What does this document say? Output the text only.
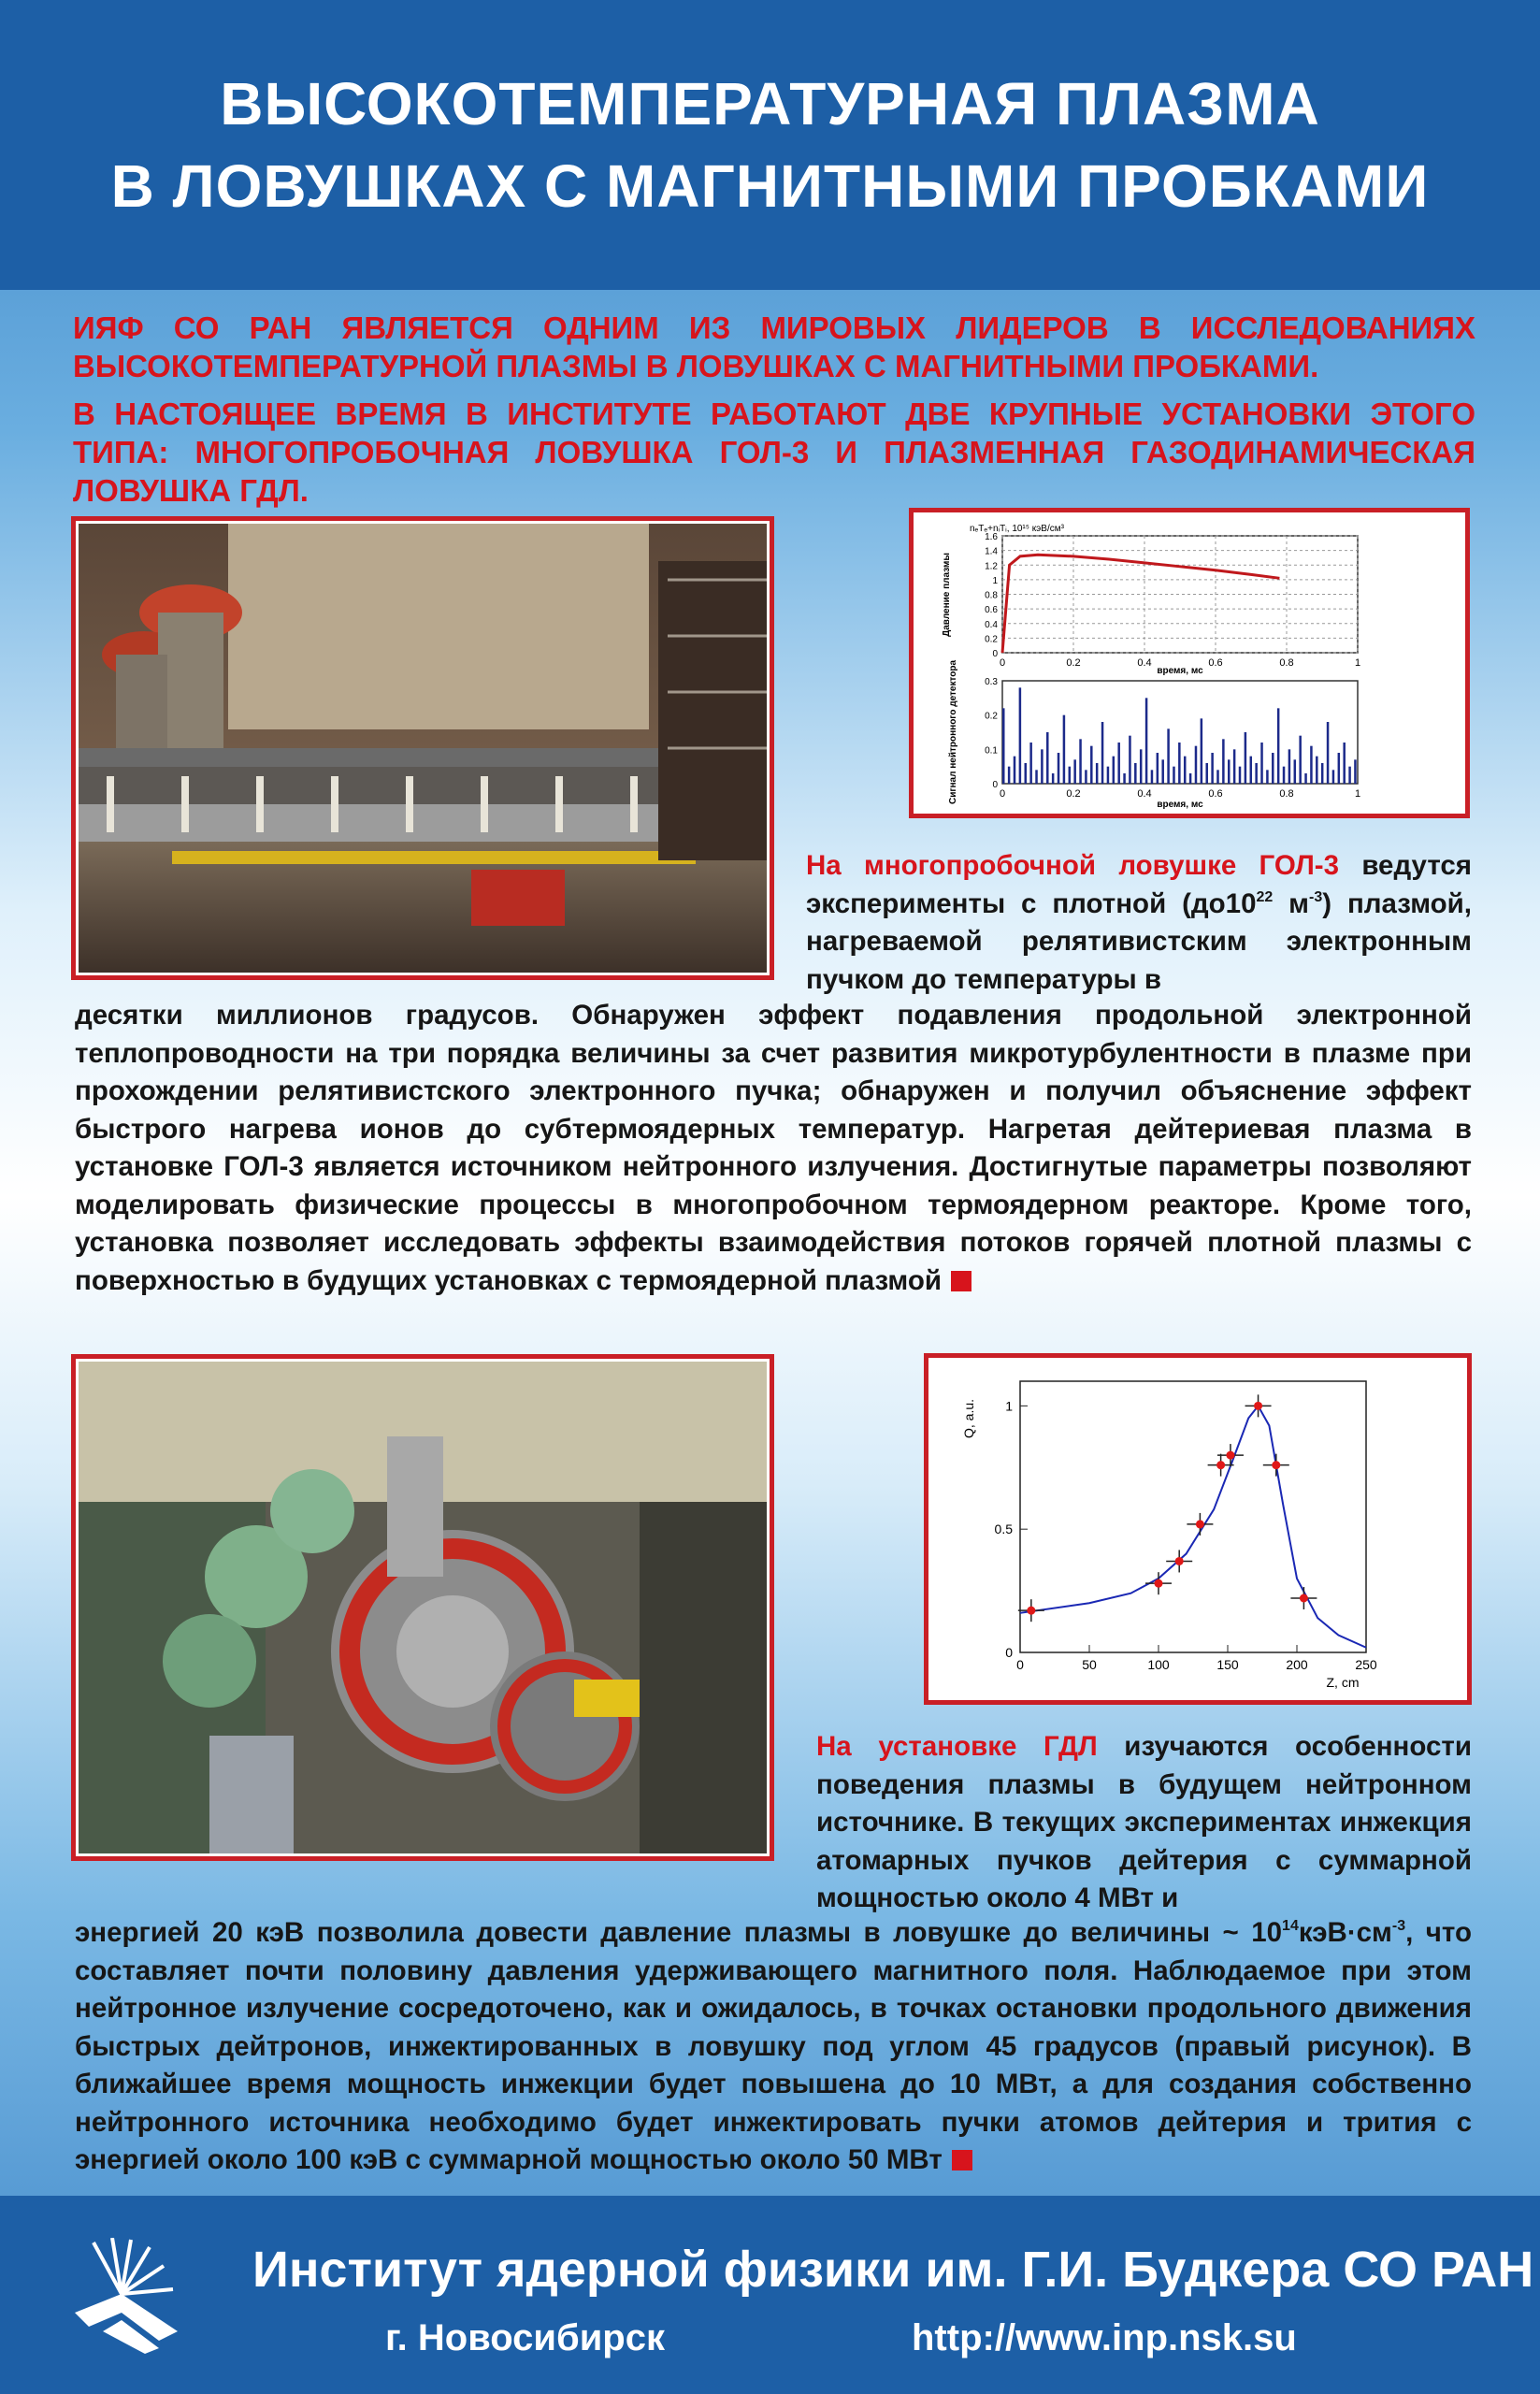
ВЫСОКОТЕМПЕРАТУРНАЯ ПЛАЗМА
В ЛОВУШКАХ С МАГНИТНЫМИ ПРОБКАМИ

ИЯФ СО РАН ЯВЛЯЕТСЯ ОДНИМ ИЗ МИРОВЫХ ЛИДЕРОВ В ИССЛЕДОВАНИЯХ ВЫСОКОТЕМПЕРАТУРНОЙ ПЛАЗМЫ В ЛОВУШКАХ С МАГНИТНЫМИ ПРОБКАМИ.

В НАСТОЯЩЕЕ ВРЕМЯ В ИНСТИТУТЕ РАБОТАЮТ ДВЕ КРУПНЫЕ УСТАНОВКИ ЭТОГО ТИПА: МНОГОПРОБОЧНАЯ ЛОВУШКА ГОЛ-3 И ПЛАЗМЕННАЯ ГАЗОДИНАМИЧЕСКАЯ ЛОВУШКА ГДЛ.

Давление плазмы
nₑTₑ+nᵢTᵢ, 10¹⁵ кэВ/см³
время, мс
0	0.2	0.4	0.6	0.8	1
0
0.2
0.4
0.6
0.8
1
1.2
1.4
1.6
Сигнал нейтронного детектора
время, мс
0	0.2	0.4	0.6	0.8	1
0
0.1
0.2
0.3
На многопробочной ловушке ГОЛ-3 ведутся эксперименты с плотной ($до10^{22}$ $м^{-3}$) плазмой, нагреваемой релятивистским электронным пучком до температуры в
десятки миллионов градусов. Обнаружен эффект подавления продольной электронной теплопроводности на три порядка величины за счет развития микротурбулентности в плазме при прохождении релятивистского электронного пучка; обнаружен и получил объяснение эффект быстрого нагрева ионов до субтермоядерных температур. Нагретая дейтериевая плазма в установке ГОЛ-3 является источником нейтронного излучения. Достигнутые параметры позволяют моделировать физические процессы в многопробочном термоядерном реакторе. Кроме того, установка позволяет исследовать эффекты взаимодействия потоков горячей плотной плазмы с поверхностью в будущих установках с термоядерной плазмой
Q, a.u.
Z, cm
0	50	100	150	200	250
0
0.5
1
На установке ГДЛ изучаются особенности поведения плазмы в будущем нейтронном источнике. В текущих экспериментах инжекция атомарных пучков дейтерия с суммарной мощностью около 4 МВт и
энергией 20 кэВ позволила довести давление плазмы в ловушке до величины ~ $10^{14}кэВ\cdot см^{-3}$, что составляет почти половину давления удерживающего магнитного поля. Наблюдаемое при этом нейтронное излучение сосредоточено, как и ожидалось, в точках остановки продольного движения быстрых дейтронов, инжектированных в ловушку под углом 45 градусов (правый рисунок). В ближайшее время мощность инжекции будет повышена до 10 МВт, а для создания собственно нейтронного источника необходимо будет инжектировать пучки атомов дейтерия и трития с энергией около 100 кэВ с суммарной мощностью около 50 МВт
Институт ядерной физики им. Г.И. Будкера СО РАН
г. Новосибирск	http://www.inp.nsk.su
